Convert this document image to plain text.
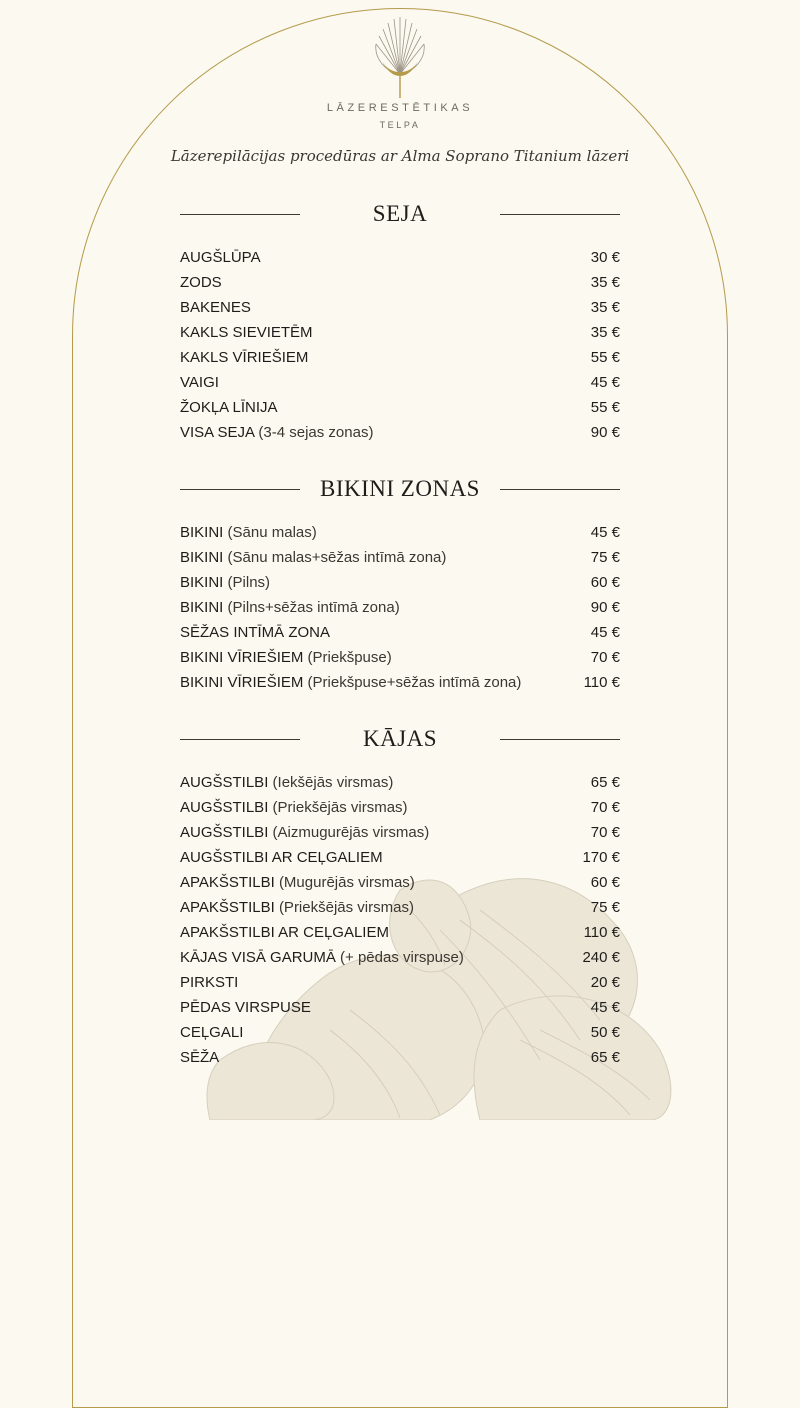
LĀZERESTĒTIKAS
TELPA
Lāzerepilācijas procedūras ar Alma Soprano Titanium lāzeri
SEJA
AUGŠLŪPA	30 €
ZODS	35 €
BAKENES	35 €
KAKLS SIEVIETĒM	35 €
KAKLS VĪRIEŠIEM	55 €
VAIGI	45 €
ŽOKĻA LĪNIJA	55 €
VISA SEJA (3-4 sejas zonas)	90 €
BIKINI ZONAS
BIKINI (Sānu malas)	45 €
BIKINI (Sānu malas+sēžas intīmā zona)	75 €
BIKINI (Pilns)	60 €
BIKINI (Pilns+sēžas intīmā zona)	90 €
SĒŽAS INTĪMĀ ZONA	45 €
BIKINI VĪRIEŠIEM (Priekšpuse)	70 €
BIKINI VĪRIEŠIEM (Priekšpuse+sēžas intīmā zona)	110 €
KĀJAS
AUGŠSTILBI (Iekšējās virsmas)	65 €
AUGŠSTILBI (Priekšējās virsmas)	70 €
AUGŠSTILBI (Aizmugurējās virsmas)	70 €
AUGŠSTILBI AR CEĻGALIEM	170 €
APAKŠSTILBI (Mugurējās virsmas)	60 €
APAKŠSTILBI (Priekšējās virsmas)	75 €
APAKŠSTILBI AR CEĻGALIEM	110 €
KĀJAS VISĀ GARUMĀ (+ pēdas virspuse)	240 €
PIRKSTI	20 €
PĒDAS VIRSPUSE	45 €
CEĻGALI	50 €
SĒŽA	65 €
